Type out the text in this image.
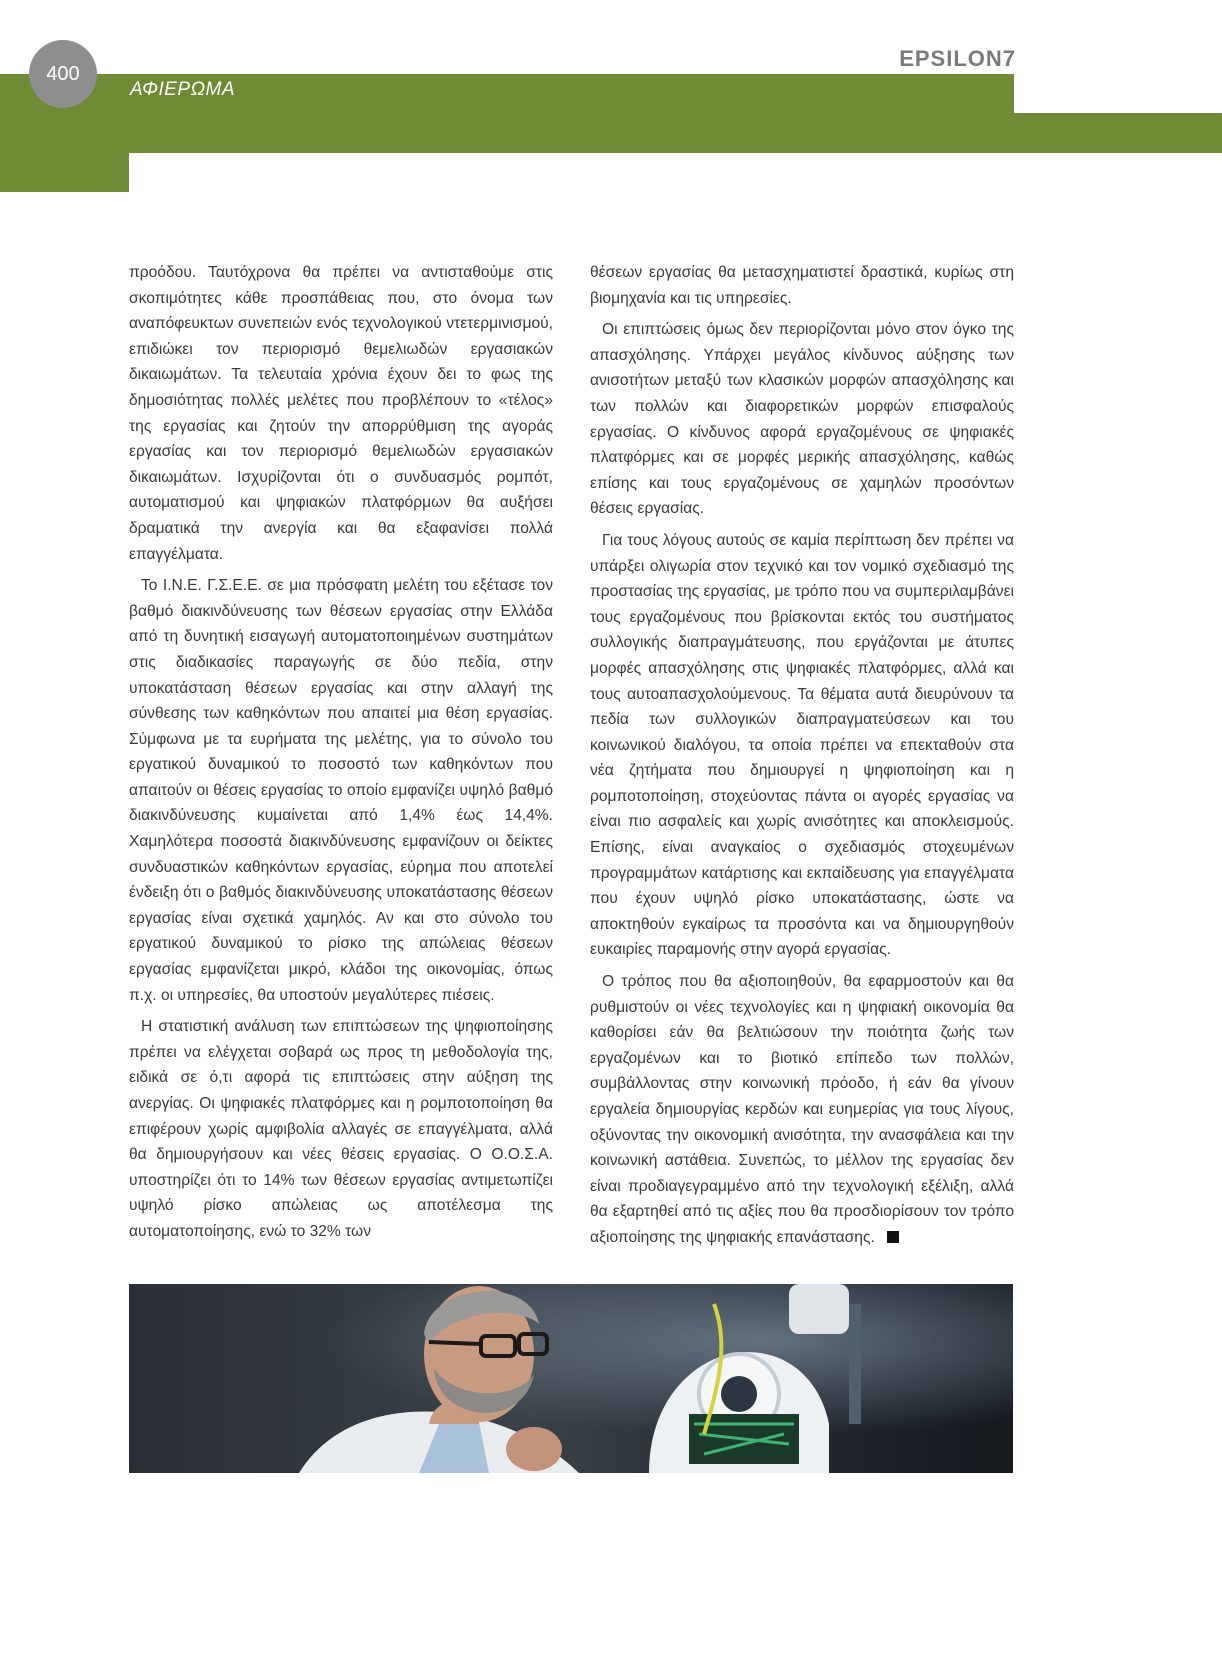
400
ΑΦΙΕΡΩΜΑ
EPSILON7

προόδου. Ταυτόχρονα θα πρέπει να αντισταθούμε στις σκοπιμότητες κάθε προσπάθειας που, στο όνομα των αναπόφευκτων συνεπειών ενός τεχνολογικού ντετερμινισμού, επιδιώκει τον περιορισμό θεμελιωδών εργασιακών δικαιωμάτων. Τα τελευταία χρόνια έχουν δει το φως της δημοσιότητας πολλές μελέτες που προβλέπουν το «τέλος» της εργασίας και ζητούν την απορρύθμιση της αγοράς εργασίας και τον περιορισμό θεμελιωδών εργασιακών δικαιωμάτων. Ισχυρίζονται ότι ο συνδυασμός ρομπότ, αυτοματισμού και ψηφιακών πλατφόρμων θα αυξήσει δραματικά την ανεργία και θα εξαφανίσει πολλά επαγγέλματα.

Το Ι.Ν.Ε. Γ.Σ.Ε.Ε. σε μια πρόσφατη μελέτη του εξέτασε τον βαθμό διακινδύνευσης των θέσεων εργασίας στην Ελλάδα από τη δυνητική εισαγωγή αυτοματοποιημένων συστημάτων στις διαδικασίες παραγωγής σε δύο πεδία, στην υποκατάσταση θέσεων εργασίας και στην αλλαγή της σύνθεσης των καθηκόντων που απαιτεί μια θέση εργασίας. Σύμφωνα με τα ευρήματα της μελέτης, για το σύνολο του εργατικού δυναμικού το ποσοστό των καθηκόντων που απαιτούν οι θέσεις εργασίας το οποίο εμφανίζει υψηλό βαθμό διακινδύνευσης κυμαίνεται από 1,4% έως 14,4%. Χαμηλότερα ποσοστά διακινδύνευσης εμφανίζουν οι δείκτες συνδυαστικών καθηκόντων εργασίας, εύρημα που αποτελεί ένδειξη ότι ο βαθμός διακινδύνευσης υποκατάστασης θέσεων εργασίας είναι σχετικά χαμηλός. Αν και στο σύνολο του εργατικού δυναμικού το ρίσκο της απώλειας θέσεων εργασίας εμφανίζεται μικρό, κλάδοι της οικονομίας, όπως π.χ. οι υπηρεσίες, θα υποστούν μεγαλύτερες πιέσεις.

Η στατιστική ανάλυση των επιπτώσεων της ψηφιοποίησης πρέπει να ελέγχεται σοβαρά ως προς τη μεθοδολογία της, ειδικά σε ό,τι αφορά τις επιπτώσεις στην αύξηση της ανεργίας. Οι ψηφιακές πλατφόρμες και η ρομποτοποίηση θα επιφέρουν χωρίς αμφιβολία αλλαγές σε επαγγέλματα, αλλά θα δημιουργήσουν και νέες θέσεις εργασίας. Ο Ο.Ο.Σ.Α. υποστηρίζει ότι το 14% των θέσεων εργασίας αντιμετωπίζει υψηλό ρίσκο απώλειας ως αποτέλεσμα της αυτοματοποίησης, ενώ το 32% των

θέσεων εργασίας θα μετασχηματιστεί δραστικά, κυρίως στη βιομηχανία και τις υπηρεσίες.

Οι επιπτώσεις όμως δεν περιορίζονται μόνο στον όγκο της απασχόλησης. Υπάρχει μεγάλος κίνδυνος αύξησης των ανισοτήτων μεταξύ των κλασικών μορφών απασχόλησης και των πολλών και διαφορετικών μορφών επισφαλούς εργασίας. Ο κίνδυνος αφορά εργαζομένους σε ψηφιακές πλατφόρμες και σε μορφές μερικής απασχόλησης, καθώς επίσης και τους εργαζομένους σε χαμηλών προσόντων θέσεις εργασίας.

Για τους λόγους αυτούς σε καμία περίπτωση δεν πρέπει να υπάρξει ολιγωρία στον τεχνικό και τον νομικό σχεδιασμό της προστασίας της εργασίας, με τρόπο που να συμπεριλαμβάνει τους εργαζομένους που βρίσκονται εκτός του συστήματος συλλογικής διαπραγμάτευσης, που εργάζονται με άτυπες μορφές απασχόλησης στις ψηφιακές πλατφόρμες, αλλά και τους αυτοαπασχολούμενους. Τα θέματα αυτά διευρύνουν τα πεδία των συλλογικών διαπραγματεύσεων και του κοινωνικού διαλόγου, τα οποία πρέπει να επεκταθούν στα νέα ζητήματα που δημιουργεί η ψηφιοποίηση και η ρομποτοποίηση, στοχεύοντας πάντα οι αγορές εργασίας να είναι πιο ασφαλείς και χωρίς ανισότητες και αποκλεισμούς. Επίσης, είναι αναγκαίος ο σχεδιασμός στοχευμένων προγραμμάτων κατάρτισης και εκπαίδευσης για επαγγέλματα που έχουν υψηλό ρίσκο υποκατάστασης, ώστε να αποκτηθούν εγκαίρως τα προσόντα και να δημιουργηθούν ευκαιρίες παραμονής στην αγορά εργασίας.

Ο τρόπος που θα αξιοποιηθούν, θα εφαρμοστούν και θα ρυθμιστούν οι νέες τεχνολογίες και η ψηφιακή οικονομία θα καθορίσει εάν θα βελτιώσουν την ποιότητα ζωής των εργαζομένων και το βιοτικό επίπεδο των πολλών, συμβάλλοντας στην κοινωνική πρόοδο, ή εάν θα γίνουν εργαλεία δημιουργίας κερδών και ευημερίας για τους λίγους, οξύνοντας την οικονομική ανισότητα, την ανασφάλεια και την κοινωνική αστάθεια. Συνεπώς, το μέλλον της εργασίας δεν είναι προδιαγεγραμμένο από την τεχνολογική εξέλιξη, αλλά θα εξαρτηθεί από τις αξίες που θα προσδιορίσουν τον τρόπο αξιοποίησης της ψηφιακής επανάστασης.
